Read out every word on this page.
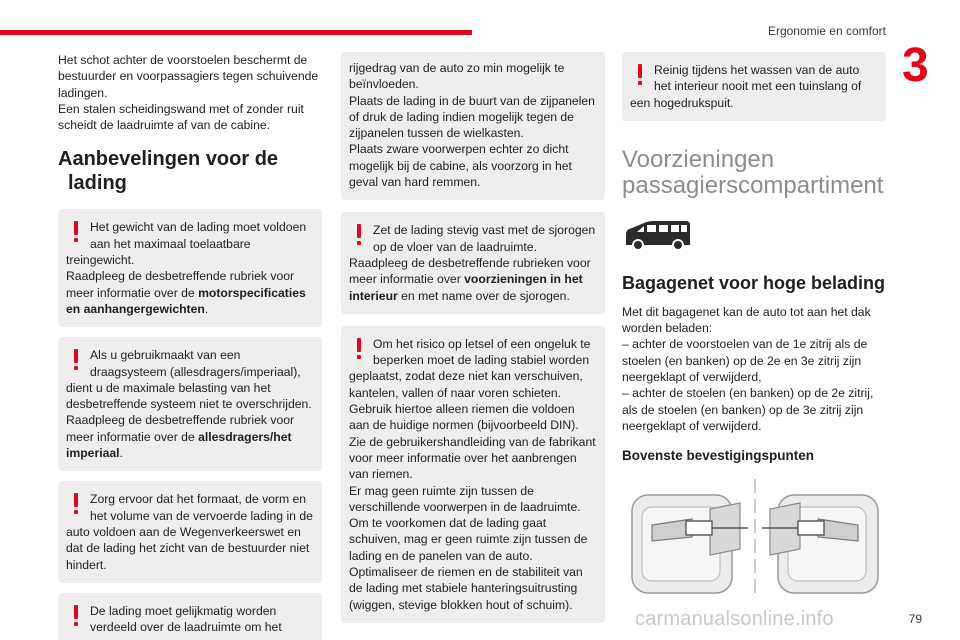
Ergonomie en comfort
3

Het schot achter de voorstoelen beschermt de bestuurder en voorpassagiers tegen schuivende ladingen.
Een stalen scheidingswand met of zonder ruit scheidt de laadruimte af van de cabine.

Aanbevelingen voor de
lading

Het gewicht van de lading moet voldoen aan het maximaal toelaatbare
treingewicht.
Raadpleeg de desbetreffende rubriek voor meer informatie over de motorspecificaties en aanhangergewichten.

Als u gebruikmaakt van een draagsysteem (allesdragers/imperiaal),
dient u de maximale belasting van het desbetreffende systeem niet te overschrijden.
Raadpleeg de desbetreffende rubriek voor meer informatie over de allesdragers/het imperiaal.

Zorg ervoor dat het formaat, de vorm en het volume van de vervoerde lading in de
auto voldoen aan de Wegenverkeerswet en dat de lading het zicht van de bestuurder niet hindert.

De lading moet gelijkmatig worden verdeeld over de laadruimte om het

rijgedrag van de auto zo min mogelijk te beïnvloeden.
Plaats de lading in de buurt van de zijpanelen of druk de lading indien mogelijk tegen de zijpanelen tussen de wielkasten.
Plaats zware voorwerpen echter zo dicht mogelijk bij de cabine, als voorzorg in het geval van hard remmen.

Zet de lading stevig vast met de sjorogen op de vloer van de laadruimte.
Raadpleeg de desbetreffende rubrieken voor meer informatie over voorzieningen in het interieur en met name over de sjorogen.

Om het risico op letsel of een ongeluk te beperken moet de lading stabiel worden
geplaatst, zodat deze niet kan verschuiven, kantelen, vallen of naar voren schieten.
Gebruik hiertoe alleen riemen die voldoen aan de huidige normen (bijvoorbeeld DIN).
Zie de gebruikershandleiding van de fabrikant voor meer informatie over het aanbrengen van riemen.
Er mag geen ruimte zijn tussen de verschillende voorwerpen in de laadruimte.
Om te voorkomen dat de lading gaat schuiven, mag er geen ruimte zijn tussen de lading en de panelen van de auto.
Optimaliseer de riemen en de stabiliteit van de lading met stabiele hanteringsuitrusting (wiggen, stevige blokken hout of schuim).

Reinig tijdens het wassen van de auto het interieur nooit met een tuinslang of
een hogedrukspuit.

Voorzieningen
passagierscompartiment
Bagagenet voor hoge belading

Met dit bagagenet kan de auto tot aan het dak worden beladen:
– achter de voorstoelen van de 1e zitrij als de stoelen (en banken) op de 2e en 3e zitrij zijn neergeklapt of verwijderd,
– achter de stoelen (en banken) op de 2e zitrij, als de stoelen (en banken) op de 3e zitrij zijn neergeklapt of verwijderd.

Bovenste bevestigingspunten
carmanualsonline.info	79
